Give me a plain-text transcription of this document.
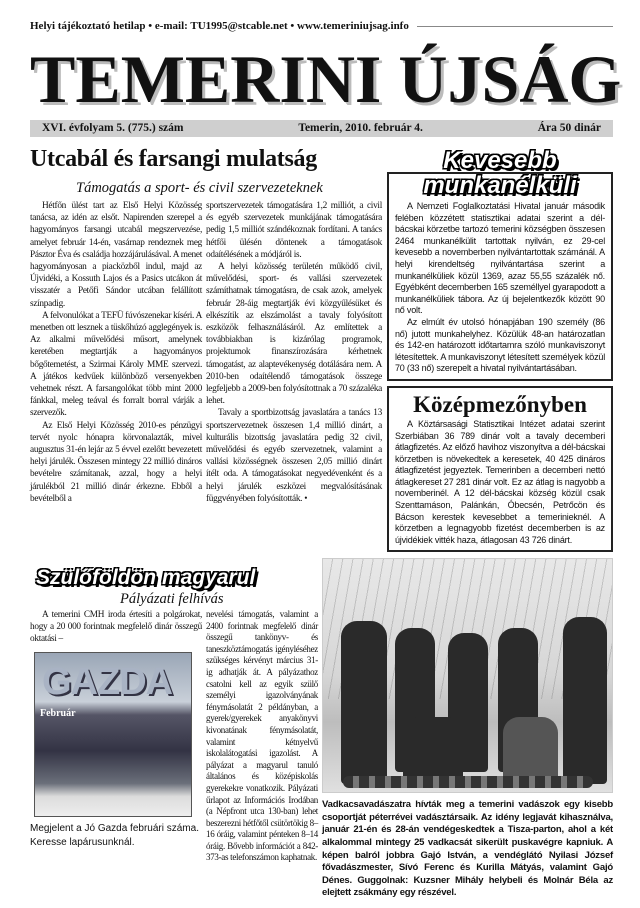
Helyi tájékoztató hetilap • e-mail: TU1995@stcable.net • www.temeriniujsag.info
TEMERINI ÚJSÁG
XVI. évfolyam 5. (775.) szám	Temerin, 2010. február 4.	Ára 50 dinár
Utcabál és farsangi mulatság
Támogatás a sport- és civil szervezeteknek

Hétfőn ülést tart az Első Helyi Közösség tanácsa, az idén az elsőt. Napirenden szerepel a hagyományos farsangi utcabál megszervezése, amelyet február 14-én, vasárnap rendeznek meg Pásztor Éva és családja hozzájárulásával. A menet hagyományosan a piacközből indul, majd az Újvidéki, a Kossuth Lajos és a Pasics utcákon át visszatér a Petőfi Sándor utcában felállított színpadig.

A felvonulókat a TEFÜ fúvószenekar kíséri. A menetben ott lesznek a tüskőhúzó agglegények is. Az alkalmi művelődési műsort, amelynek keretében megtartják a hagyományos bőgőtemetést, a Szirmai Károly MME szervezi. A játékos kedvűek különböző versenyekben vehetnek részt. A farsangolókat több mint 2000 fánkkal, meleg teával és forralt borral várják a szervezők.

Az Első Helyi Közösség 2010-es pénzügyi tervét nyolc hónapra körvonalazták, mivel augusztus 31-én lejár az 5 évvel ezelőtt bevezetett helyi járulék. Összesen mintegy 22 millió dináros bevételre számítanak, azzal, hogy a helyi járulékból 21 millió dinár érkezne. Ebből a bevételből a

sportszervezetek támogatására 1,2 milliót, a civil és egyéb szervezetek munkájának támogatására pedig 1,5 milliót szándékoznak fordítani. A tanács hétfői ülésén döntenek a támogatások odaítélésének a módjáról is.

A helyi közösség területén működő civil, művelődési, sport- és vallási szervezetek számíthatnak támogatásra, de csak azok, amelyek február 28-áig megtartják évi közgyűlésüket és elkészítik az elszámolást a tavaly folyósított eszközök felhasználásáról. Az említettek a továbbiakban is kizárólag programok, projektumok finanszírozására kérhetnek támogatást, az alaptevékenység dotálására nem. A 2010-ben odaítélendő támogatások összege legfeljebb a 2009-ben folyósítottnak a 70 százaléka lehet.

Tavaly a sportbizottság javaslatára a tanács 13 sportszervezetnek összesen 1,4 millió dinárt, a kulturális bizottság javaslatára pedig 32 civil, művelődési és egyéb szervezetnek, valamint a vallási közösségnek összesen 2,05 millió dinárt ítélt oda. A támogatásokat negyedévenként és a helyi járulék eszközei megvalósításának függvényében folyósították. •

Kevesebb munkanélküli

A Nemzeti Foglalkoztatási Hivatal január második felében közzétett statisztikai adatai szerint a dél-bácskai körzetbe tartozó temerini községben összesen 2464 munkanélkülit tartottak nyilván, ez 29-cel kevesebb a novemberben nyilvántartottak számánál. A helyi kirendeltség nyilvántartása szerint a munkanélküliek közül 1369, azaz 55,55 százalék nő. Egyébként decemberben 165 személlyel gyarapodott a munkanélküliek tábora. Az új bejelentkezők között 90 nő volt.

Az elmúlt év utolsó hónapjában 190 személy (86 nő) jutott munkahelyhez. Közülük 48-an határozatlan és 142-en határozott időtartamra szóló munkaviszonyt létesítettek. A munkaviszonyt létesített személyek közül 70 (33 nő) szerepelt a hivatal nyilvántartásában.

Középmezőnyben

A Köztársasági Statisztikai Intézet adatai szerint Szerbiában 36 789 dinár volt a tavaly decemberi átlagfizetés. Az előző havihoz viszonyítva a dél-bácskai körzetben is növekedtek a keresetek, 40 425 dináros átlagfizetést jegyeztek. Temerinben a decemberi nettó átlagkereset 27 281 dinár volt. Ez az átlag is nagyobb a novemberinél. A 12 dél-bácskai község közül csak Szenttamáson, Palánkán, Óbecsén, Petrőcön és Bácson kerestek kevesebbet a temerinieknél. A körzetben a legnagyobb fizetést decemberben is az újvidékiek vitték haza, átlagosan 43 726 dinárt.

Vadkacsavadászatra hívták meg a temerini vadászok egy kisebb csoportját péterrévei vadásztársaik. Az idény legjavát kihasználva, január 21-én és 28-án vendégeskedtek a Tisza-parton, ahol a két alkalommal mintegy 25 vadkacsát sikerült puskavégre kapniuk. A képen balról jobbra Gajó István, a vendéglátó Nyilasi József fővadászmester, Sívó Ferenc és Kurilla Mátyás, valamint Gajó Dénes. Guggolnak: Kuzsner Mihály helybeli és Molnár Béla az elejtett zsákmány egy részével.

Szülőföldön magyarul
Pályázati felhívás

A temerini CMH iroda értesíti a polgárokat, hogy a 20 000 forintnak megfelelő dinár összegű oktatási –

nevelési támogatás, valamint a 2400 forintnak megfelelő dinár összegű tankönyv- és taneszköztámogatás igényléséhez szükséges kérvényt március 31- ig adhatják át. A pályázathoz csatolni kell az egyik szülő személyi igazolványának fénymásolatát 2 példányban, a gyerek/gyerekek anyakönyvi kivonatának fénymásolatát, valamint kétnyelvű iskolalátogatási igazolást. A pályázat a magyarul tanuló általános és középiskolás gyerekekre vonatkozik. Pályázati űrlapot az Információs Irodában (a Népfront utca 130-ban) lehet beszerezni hétfőtől csütörtökig 8–16 óráig, valamint pénteken 8–14 óráig. Bővebb információt a 842-373-as telefonszámon kaphatnak.

GAZDA
Február
Megjelent a Jó Gazda februári száma. Keresse lapárusunknál.
